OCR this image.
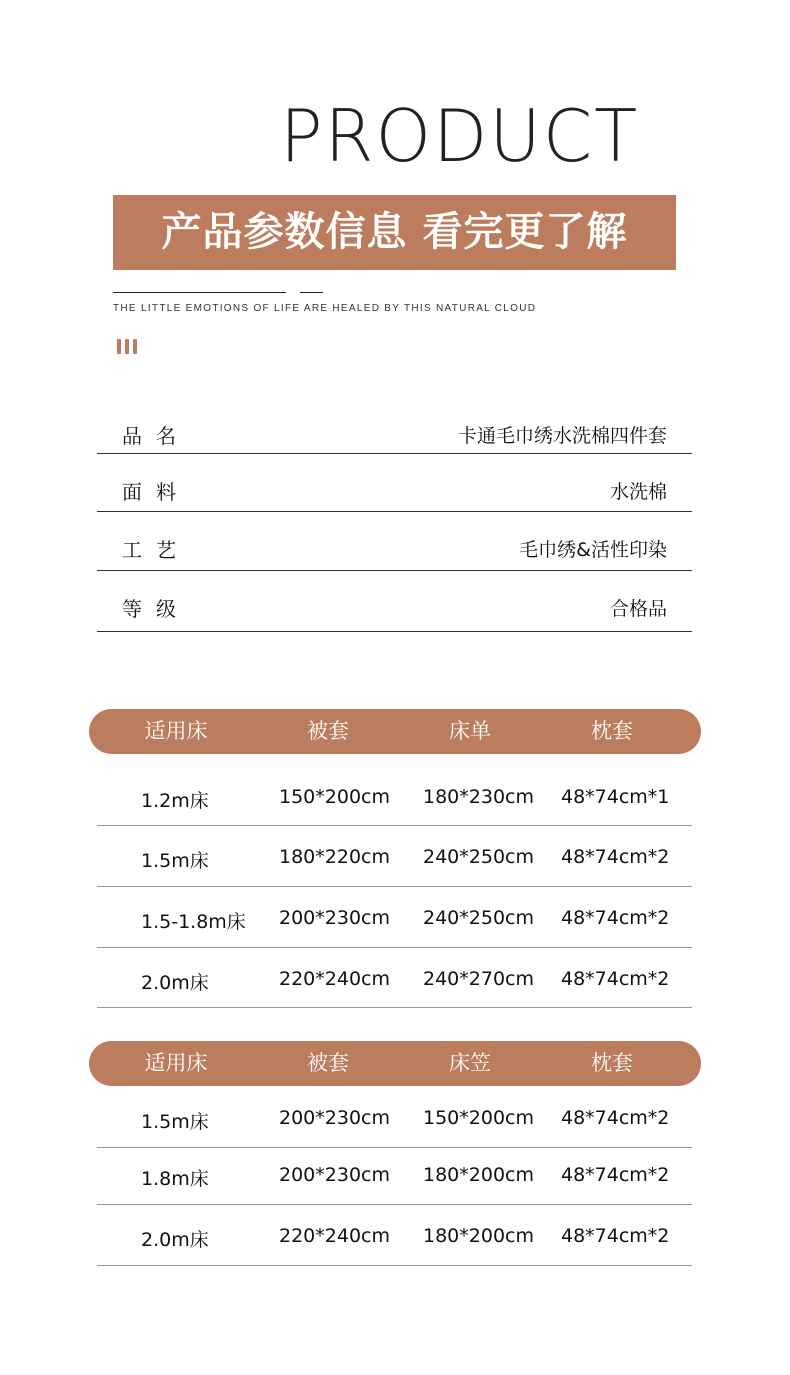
PRODUCT
产品参数信息 看完更了解
THE LITTLE EMOTIONS OF LIFE ARE HEALED BY THIS NATURAL CLOUD
品名	卡通毛巾绣水洗棉四件套
面料	水洗棉
工艺	毛巾绣&活性印染
等级	合格品
适用床	被套	床单	枕套
1.2m床	150*200cm 180*230cm 48*74cm*1
1.5m床	180*220cm 240*250cm 48*74cm*2
1.5-1.8m床 200*230cm 240*250cm 48*74cm*2
2.0m床	220*240cm 240*270cm 48*74cm*2
适用床	被套	床笠	枕套
1.5m床	200*230cm 150*200cm 48*74cm*2
1.8m床	200*230cm 180*200cm 48*74cm*2
2.0m床	220*240cm 180*200cm 48*74cm*2
